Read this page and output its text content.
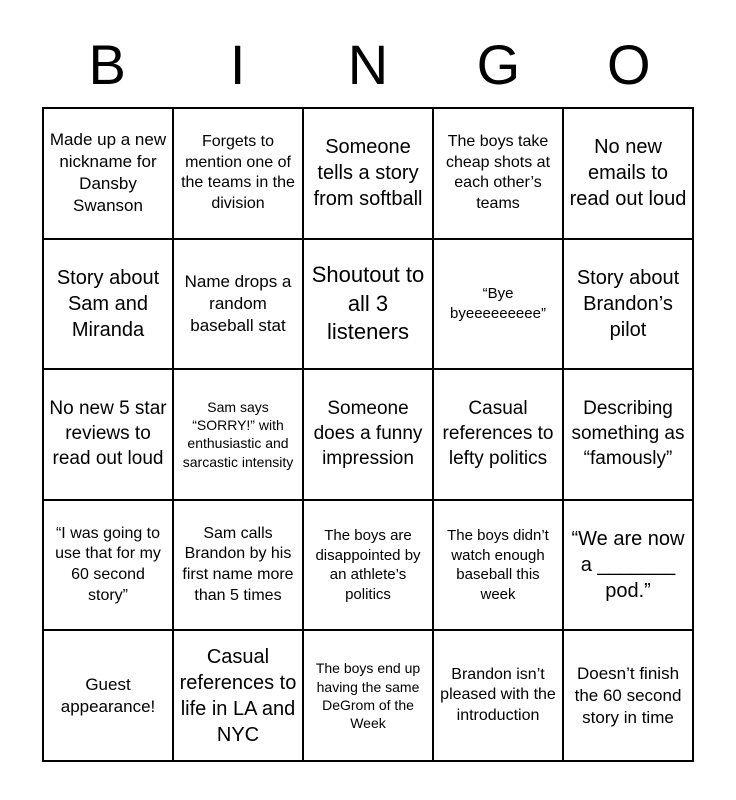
B	I	N	G	O
Made up a new nickname for Dansby Swanson
Forgets to mention one of the teams in the division
Someone tells a story from softball
The boys take cheap shots at each other’s teams
No new emails to read out loud
Story about Sam and Miranda
Name drops a random baseball stat
Shoutout to all 3 listeners
“Bye byeeeeeeeee”
Story about Brandon’s pilot
No new 5 star reviews to read out loud
Sam says “SORRY!” with enthusiastic and sarcastic intensity
Someone does a funny impression
Casual references to lefty politics
Describing something as “famously”
“I was going to use that for my 60 second story”
Sam calls Brandon by his first name more than 5 times
The boys are disappointed by an athlete’s politics
The boys didn’t watch enough baseball this week
“We are now a _______ pod.”
Guest appearance!
Casual references to life in LA and NYC
The boys end up having the same DeGrom of the Week
Brandon isn’t pleased with the introduction
Doesn’t finish the 60 second story in time
